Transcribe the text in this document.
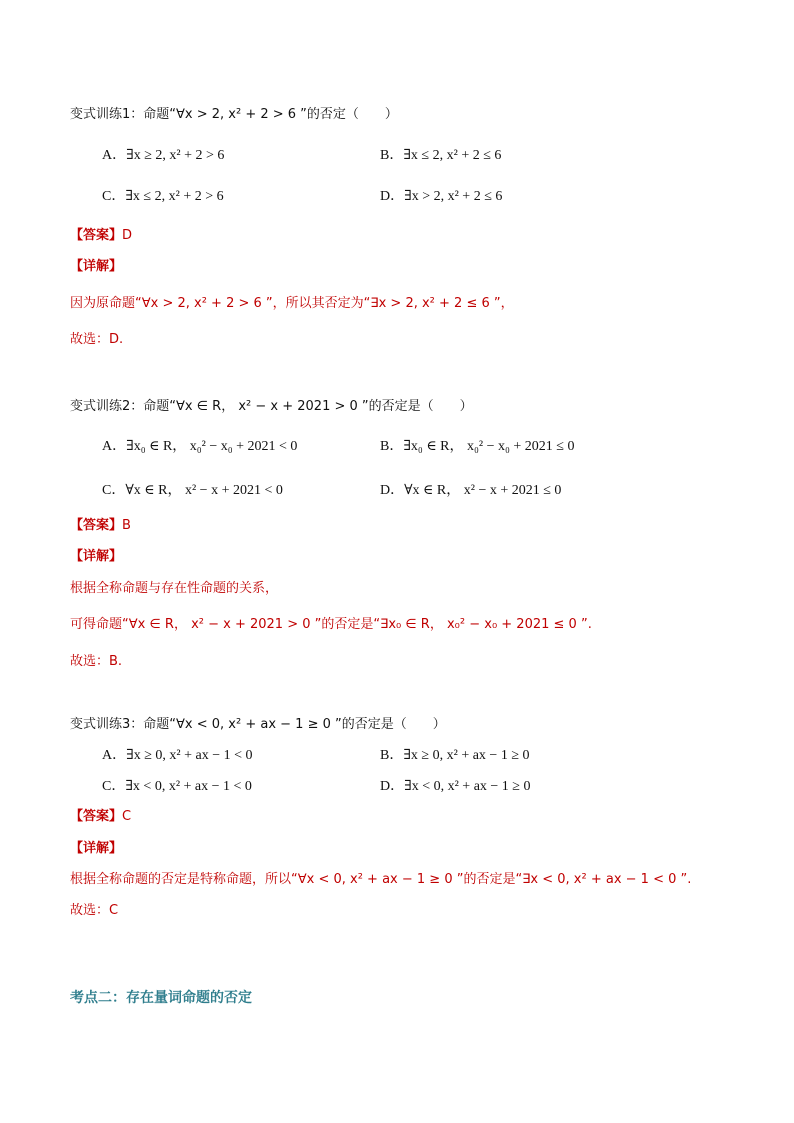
变式训练1：命题“∀x > 2, x² + 2 > 6 ”的否定（　　）
A．∃x ≥ 2, x² + 2 > 6	B．∃x ≤ 2, x² + 2 ≤ 6
C．∃x ≤ 2, x² + 2 > 6	D．∃x > 2, x² + 2 ≤ 6
【答案】D
【详解】
因为原命题“∀x > 2, x² + 2 > 6 ”，所以其否定为“∃x > 2, x² + 2 ≤ 6 ”，
故选：D.
变式训练2：命题“∀x ∈ R， x² − x + 2021 > 0 ”的否定是（　　）
A．∃x₀ ∈ R， x₀² − x₀ + 2021 < 0	B．∃x₀ ∈ R， x₀² − x₀ + 2021 ≤ 0
C．∀x ∈ R， x² − x + 2021 < 0	D．∀x ∈ R， x² − x + 2021 ≤ 0
【答案】B
【详解】
根据全称命题与存在性命题的关系，
可得命题“∀x ∈ R， x² − x + 2021 > 0 ”的否定是“∃x₀ ∈ R， x₀² − x₀ + 2021 ≤ 0 ”.
故选：B.
变式训练3：命题“∀x < 0, x² + ax − 1 ≥ 0 ”的否定是（　　）
A．∃x ≥ 0, x² + ax − 1 < 0	B．∃x ≥ 0, x² + ax − 1 ≥ 0
C．∃x < 0, x² + ax − 1 < 0	D．∃x < 0, x² + ax − 1 ≥ 0
【答案】C
【详解】
根据全称命题的否定是特称命题，所以“∀x < 0, x² + ax − 1 ≥ 0 ”的否定是“∃x < 0, x² + ax − 1 < 0 ”.
故选：C
考点二：存在量词命题的否定
